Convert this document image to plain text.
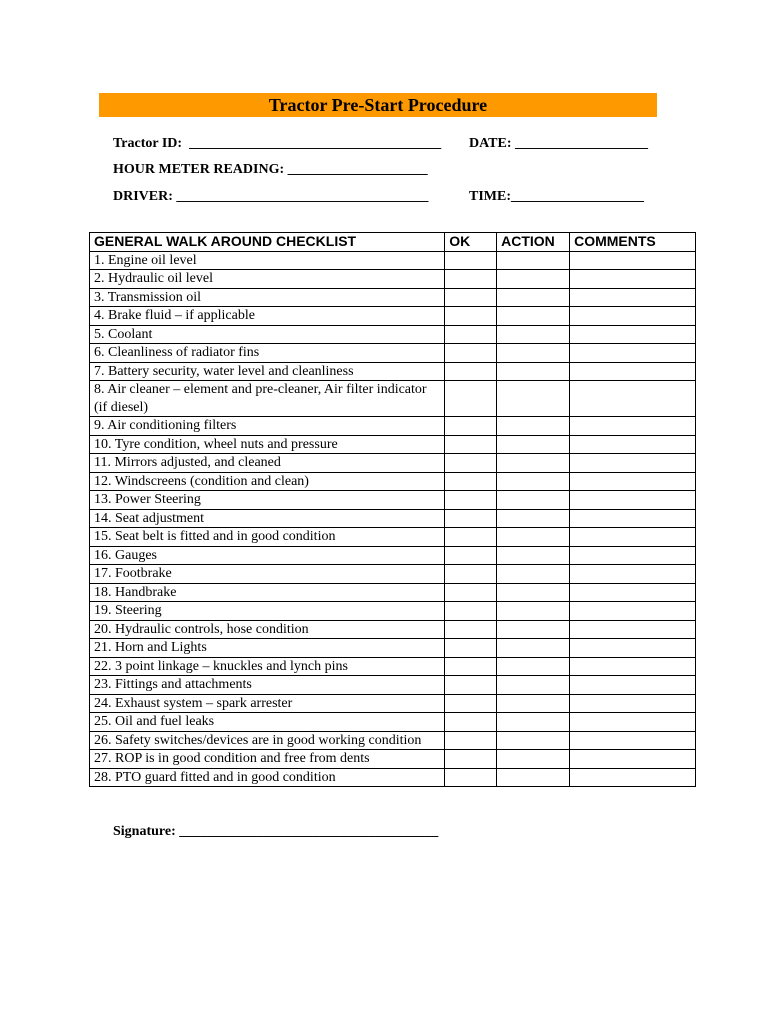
Tractor Pre-Start Procedure
Tractor ID:  ____________________________________ DATE: ___________________
HOUR METER READING: ____________________
DRIVER: ____________________________________	TIME:___________________
GENERAL WALK AROUND CHECKLIST	OK	ACTION	COMMENTS
1. Engine oil level			
2. Hydraulic oil level			
3. Transmission oil			
4. Brake fluid – if applicable			
5. Coolant			
6. Cleanliness of radiator fins			
7. Battery security, water level and cleanliness			
8. Air cleaner – element and pre-cleaner, Air filter indicator (if diesel)			
9. Air conditioning filters			
10. Tyre condition, wheel nuts and pressure			
11. Mirrors adjusted, and cleaned			
12. Windscreens (condition and clean)			
13. Power Steering			
14. Seat adjustment			
15. Seat belt is fitted and in good condition			
16. Gauges			
17. Footbrake			
18. Handbrake			
19. Steering			
20. Hydraulic controls, hose condition			
21. Horn and Lights			
22. 3 point linkage – knuckles and lynch pins			
23. Fittings and attachments			
24. Exhaust system – spark arrester			
25. Oil and fuel leaks			
26. Safety switches/devices are in good working condition			
27. ROP is in good condition and free from dents			
28. PTO guard fitted and in good condition			
Signature: _____________________________________
